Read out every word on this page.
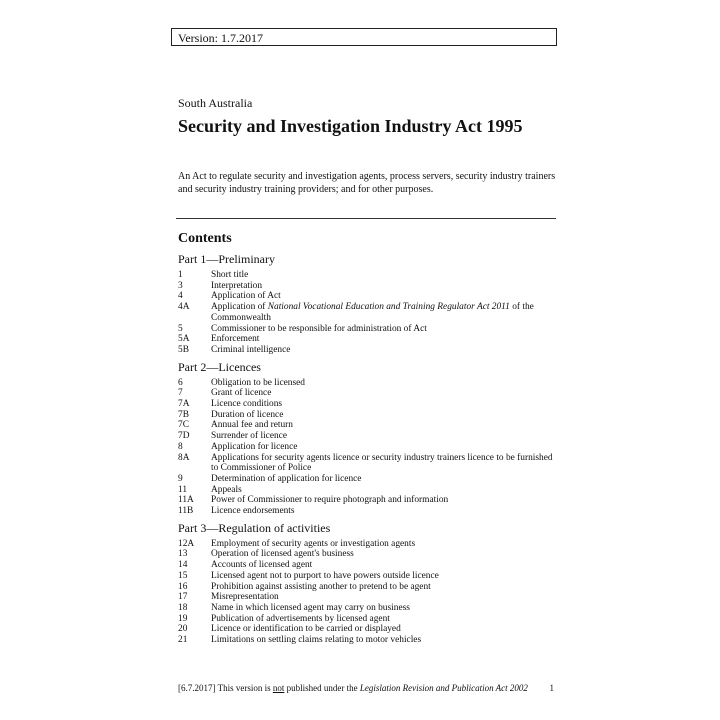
Version: 1.7.2017
South Australia
Security and Investigation Industry Act 1995

An Act to regulate security and investigation agents, process servers, security industry trainers and security industry training providers; and for other purposes.

Contents
Part 1—Preliminary
1	Short title
3	Interpretation
4	Application of Act
4A	Application of National Vocational Education and Training Regulator Act 2011 of the Commonwealth
5	Commissioner to be responsible for administration of Act
5A	Enforcement
5B	Criminal intelligence
Part 2—Licences
6	Obligation to be licensed
7	Grant of licence
7A	Licence conditions
7B	Duration of licence
7C	Annual fee and return
7D	Surrender of licence
8	Application for licence
8A	Applications for security agents licence or security industry trainers licence to be furnished to Commissioner of Police
9	Determination of application for licence
11	Appeals
11A	Power of Commissioner to require photograph and information
11B	Licence endorsements
Part 3—Regulation of activities
12A	Employment of security agents or investigation agents
13	Operation of licensed agent's business
14	Accounts of licensed agent
15	Licensed agent not to purport to have powers outside licence
16	Prohibition against assisting another to pretend to be agent
17	Misrepresentation
18	Name in which licensed agent may carry on business
19	Publication of advertisements by licensed agent
20	Licence or identification to be carried or displayed
21	Limitations on settling claims relating to motor vehicles
[6.7.2017] This version is not published under the Legislation Revision and Publication Act 2002 1
